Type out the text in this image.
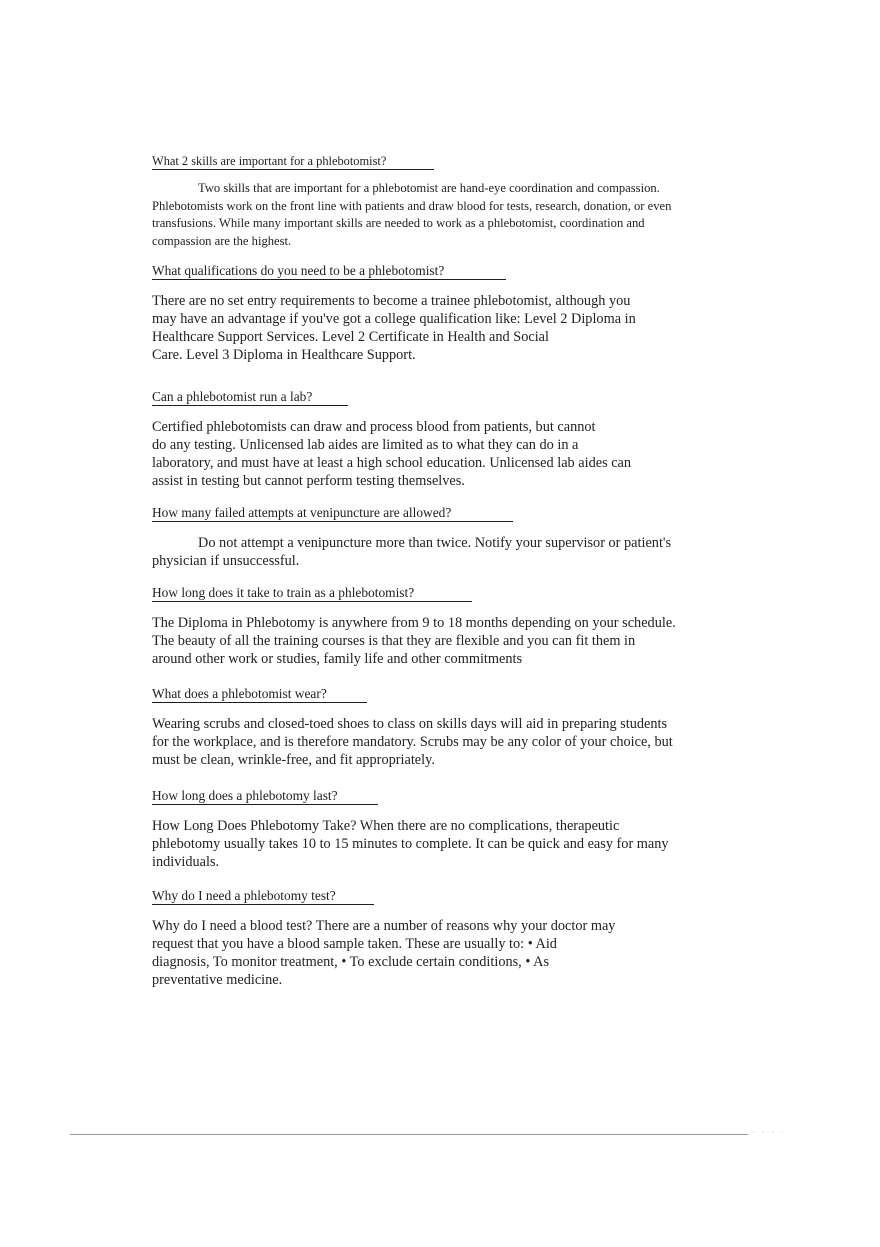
What 2 skills are important for a phlebotomist?

Two skills that are important for a phlebotomist are hand-eye coordination and compassion. Phlebotomists work on the front line with patients and draw blood for tests, research, donation, or even transfusions. While many important skills are needed to work as a phlebotomist, coordination and compassion are the highest.

What qualifications do you need to be a phlebotomist?

There are no set entry requirements to become a trainee phlebotomist, although you
may have an advantage if you've got a college qualification like: Level 2 Diploma in
Healthcare Support Services. Level 2 Certificate in Health and Social
Care. Level 3 Diploma in Healthcare Support.

Can a phlebotomist run a lab?

Certified phlebotomists can draw and process blood from patients, but cannot
do any testing. Unlicensed lab aides are limited as to what they can do in a
laboratory, and must have at least a high school education. Unlicensed lab aides can
assist in testing but cannot perform testing themselves.

How many failed attempts at venipuncture are allowed?

Do not attempt a venipuncture more than twice. Notify your supervisor or patient's physician if unsuccessful.

How long does it take to train as a phlebotomist?

The Diploma in Phlebotomy is anywhere from 9 to 18 months depending on your schedule. The beauty of all the training courses is that they are flexible and you can fit them in around other work or studies, family life and other commitments

What does a phlebotomist wear?

Wearing scrubs and closed-toed shoes to class on skills days will aid in preparing students for the workplace, and is therefore mandatory. Scrubs may be any color of your choice, but must be clean, wrinkle-free, and fit appropriately.

How long does a phlebotomy last?

How Long Does Phlebotomy Take? When there are no complications, therapeutic phlebotomy usually takes 10 to 15 minutes to complete. It can be quick and easy for many individuals.

Why do I need a phlebotomy test?

Why do I need a blood test? There are a number of reasons why your doctor may
request that you have a blood sample taken. These are usually to: • Aid
diagnosis, To monitor treatment, • To exclude certain conditions, • As
preventative medicine.
· · · ·
